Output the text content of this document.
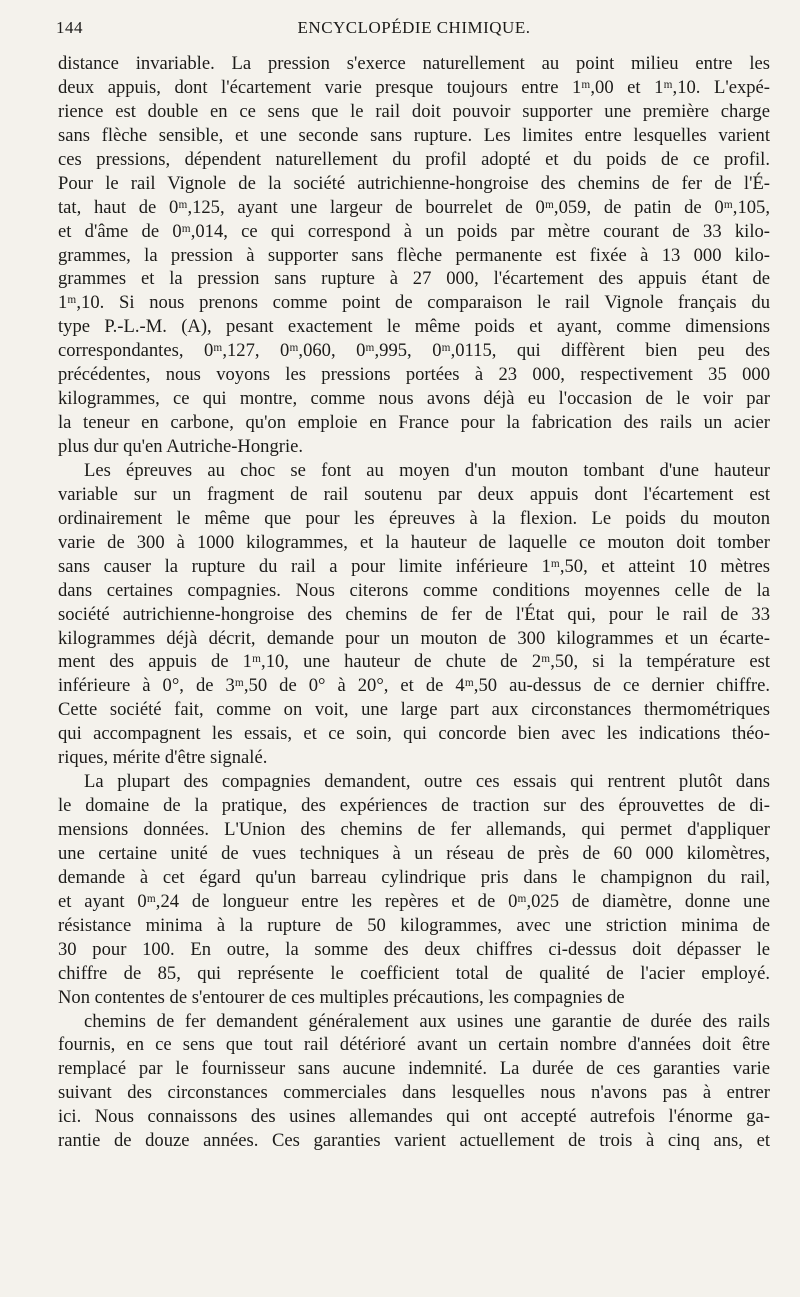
144	ENCYCLOPÉDIE CHIMIQUE.
distance invariable. La pression s'exerce naturellement au point milieu entre les
deux appuis, dont l'écartement varie presque toujours entre 1ᵐ,00 et 1ᵐ,10. L'expé-
rience est double en ce sens que le rail doit pouvoir supporter une première charge
sans flèche sensible, et une seconde sans rupture. Les limites entre lesquelles varient
ces pressions, dépendent naturellement du profil adopté et du poids de ce profil.
Pour le rail Vignole de la société autrichienne-hongroise des chemins de fer de l'É-
tat, haut de 0ᵐ,125, ayant une largeur de bourrelet de 0ᵐ,059, de patin de 0ᵐ,105,
et d'âme de 0ᵐ,014, ce qui correspond à un poids par mètre courant de 33 kilo-
grammes, la pression à supporter sans flèche permanente est fixée à 13 000 kilo-
grammes et la pression sans rupture à 27 000, l'écartement des appuis étant de
1ᵐ,10. Si nous prenons comme point de comparaison le rail Vignole français du
type P.-L.-M. (A), pesant exactement le même poids et ayant, comme dimensions
correspondantes, 0ᵐ,127, 0ᵐ,060, 0ᵐ,995, 0ᵐ,0115, qui diffèrent bien peu des
précédentes, nous voyons les pressions portées à 23 000, respectivement 35 000
kilogrammes, ce qui montre, comme nous avons déjà eu l'occasion de le voir par
la teneur en carbone, qu'on emploie en France pour la fabrication des rails un acier
plus dur qu'en Autriche-Hongrie.
Les épreuves au choc se font au moyen d'un mouton tombant d'une hauteur
variable sur un fragment de rail soutenu par deux appuis dont l'écartement est
ordinairement le même que pour les épreuves à la flexion. Le poids du mouton
varie de 300 à 1000 kilogrammes, et la hauteur de laquelle ce mouton doit tomber
sans causer la rupture du rail a pour limite inférieure 1ᵐ,50, et atteint 10 mètres
dans certaines compagnies. Nous citerons comme conditions moyennes celle de la
société autrichienne-hongroise des chemins de fer de l'État qui, pour le rail de 33
kilogrammes déjà décrit, demande pour un mouton de 300 kilogrammes et un écarte-
ment des appuis de 1ᵐ,10, une hauteur de chute de 2ᵐ,50, si la température est
inférieure à 0°, de 3ᵐ,50 de 0° à 20°, et de 4ᵐ,50 au-dessus de ce dernier chiffre.
Cette société fait, comme on voit, une large part aux circonstances thermométriques
qui accompagnent les essais, et ce soin, qui concorde bien avec les indications théo-
riques, mérite d'être signalé.
La plupart des compagnies demandent, outre ces essais qui rentrent plutôt dans
le domaine de la pratique, des expériences de traction sur des éprouvettes de di-
mensions données. L'Union des chemins de fer allemands, qui permet d'appliquer
une certaine unité de vues techniques à un réseau de près de 60 000 kilomètres,
demande à cet égard qu'un barreau cylindrique pris dans le champignon du rail,
et ayant 0ᵐ,24 de longueur entre les repères et de 0ᵐ,025 de diamètre, donne une
résistance minima à la rupture de 50 kilogrammes, avec une striction minima de
30 pour 100. En outre, la somme des deux chiffres ci-dessus doit dépasser le
chiffre de 85, qui représente le coefficient total de qualité de l'acier employé.
Non contentes de s'entourer de ces multiples précautions, les compagnies de
chemins de fer demandent généralement aux usines une garantie de durée des rails
fournis, en ce sens que tout rail détérioré avant un certain nombre d'années doit être
remplacé par le fournisseur sans aucune indemnité. La durée de ces garanties varie
suivant des circonstances commerciales dans lesquelles nous n'avons pas à entrer
ici. Nous connaissons des usines allemandes qui ont accepté autrefois l'énorme ga-
rantie de douze années. Ces garanties varient actuellement de trois à cinq ans, et
